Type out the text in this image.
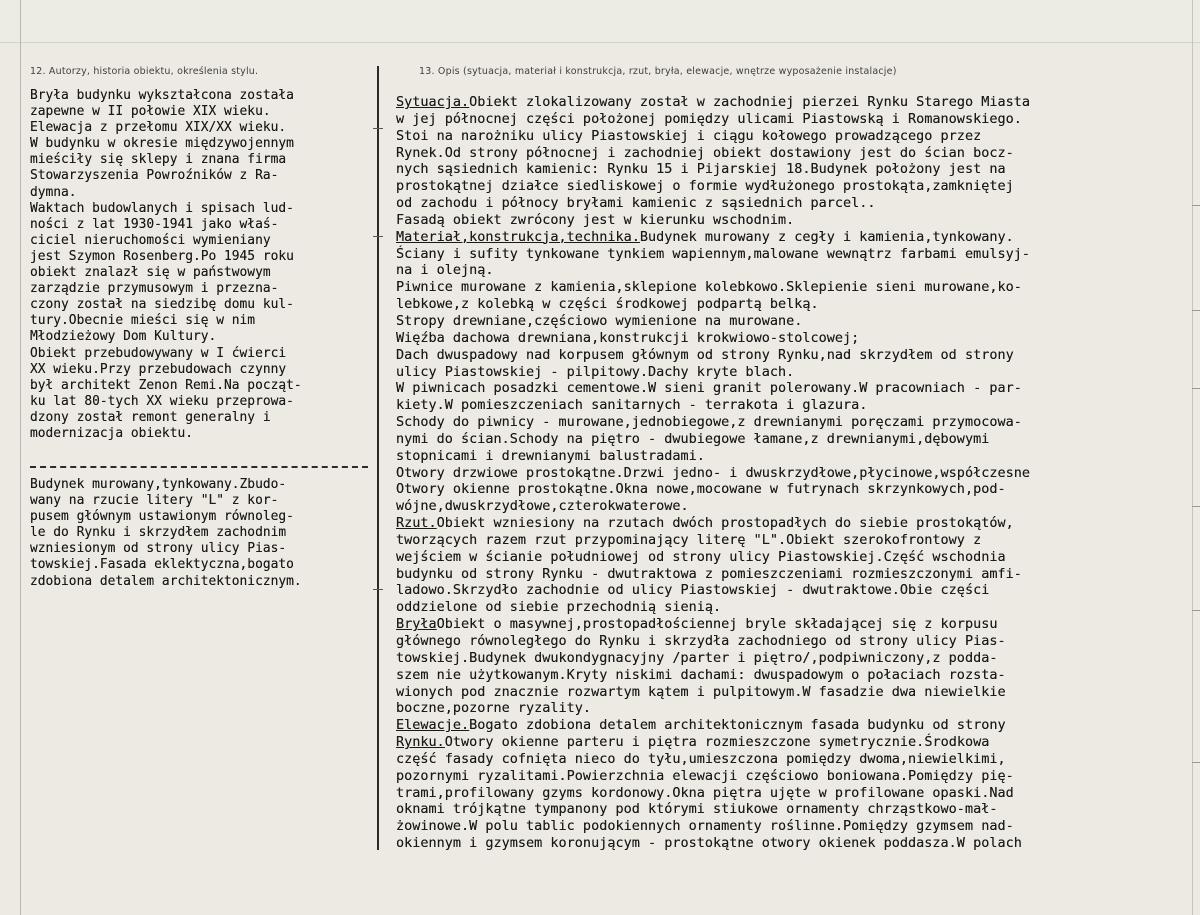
12. Autorzy, historia obiektu, określenia stylu.	13. Opis (sytuacja, materiał i konstrukcja, rzut, bryła, elewacje, wnętrze wyposażenie instalacje)
Bryła budynku wykształcona została
zapewne w II połowie XIX wieku.
Elewacja z przełomu XIX/XX wieku.
W budynku w okresie międzywojennym
mieściły się sklepy i znana firma
Stowarzyszenia Powroźników z Ra-
dymna.
Waktach budowlanych i spisach lud-
ności z lat 1930-1941 jako właś-
ciciel nieruchomości wymieniany
jest Szymon Rosenberg.Po 1945 roku
obiekt znalazł się w państwowym
zarządzie przymusowym i przezna-
czony został na siedzibę domu kul-
tury.Obecnie mieści się w nim
Młodzieżowy Dom Kultury.
Obiekt przebudowywany w I ćwierci
XX wieku.Przy przebudowach czynny
był architekt Zenon Remi.Na począt-
ku lat 80-tych XX wieku przeprowa-
dzony został remont generalny i
modernizacja obiektu.
Budynek murowany,tynkowany.Zbudo-
wany na rzucie litery "L" z kor-
pusem głównym ustawionym równoleg-
le do Rynku i skrzydłem zachodnim
wzniesionym od strony ulicy Pias-
towskiej.Fasada eklektyczna,bogato
zdobiona detalem architektonicznym.
Sytuacja.Obiekt zlokalizowany został w zachodniej pierzei Rynku Starego Miasta
w jej północnej części położonej pomiędzy ulicami Piastowską i Romanowskiego.
Stoi na narożniku ulicy Piastowskiej i ciągu kołowego prowadzącego przez
Rynek.Od strony północnej i zachodniej obiekt dostawiony jest do ścian bocz-
nych sąsiednich kamienic: Rynku 15 i Pijarskiej 18.Budynek położony jest na
prostokątnej działce siedliskowej o formie wydłużonego prostokąta,zamkniętej
od zachodu i północy bryłami kamienic z sąsiednich parcel..
Fasadą obiekt zwrócony jest w kierunku wschodnim.
Materiał,konstrukcja,technika.Budynek murowany z cegły i kamienia,tynkowany.
Ściany i sufity tynkowane tynkiem wapiennym,malowane wewnątrz farbami emulsyj-
na i olejną.
Piwnice murowane z kamienia,sklepione kolebkowo.Sklepienie sieni murowane,ko-
lebkowe,z kolebką w części środkowej podpartą belką.
Stropy drewniane,częściowo wymienione na murowane.
Więźba dachowa drewniana,konstrukcji krokwiowo-stolcowej;
Dach dwuspadowy nad korpusem głównym od strony Rynku,nad skrzydłem od strony
ulicy Piastowskiej - pilpitowy.Dachy kryte blach.
W piwnicach posadzki cementowe.W sieni granit polerowany.W pracowniach - par-
kiety.W pomieszczeniach sanitarnych - terrakota i glazura.
Schody do piwnicy - murowane,jednobiegowe,z drewnianymi poręczami przymocowa-
nymi do ścian.Schody na piętro - dwubiegowe łamane,z drewnianymi,dębowymi
stopnicami i drewnianymi balustradami.
Otwory drzwiowe prostokątne.Drzwi jedno- i dwuskrzydłowe,płycinowe,współczesne
Otwory okienne prostokątne.Okna nowe,mocowane w futrynach skrzynkowych,pod-
wójne,dwuskrzydłowe,czterokwaterowe.
Rzut.Obiekt wzniesiony na rzutach dwóch prostopadłych do siebie prostokątów,
tworzących razem rzut przypominający literę "L".Obiekt szerokofrontowy z
wejściem w ścianie południowej od strony ulicy Piastowskiej.Część wschodnia
budynku od strony Rynku - dwutraktowa z pomieszczeniami rozmieszczonymi amfi-
ladowo.Skrzydło zachodnie od ulicy Piastowskiej - dwutraktowe.Obie części
oddzielone od siebie przechodnią sienią.
BryłaObiekt o masywnej,prostopadłościennej bryle składającej się z korpusu
głównego równoległego do Rynku i skrzydła zachodniego od strony ulicy Pias-
towskiej.Budynek dwukondygnacyjny /parter i piętro/,podpiwniczony,z podda-
szem nie użytkowanym.Kryty niskimi dachami: dwuspadowym o połaciach rozsta-
wionych pod znacznie rozwartym kątem i pulpitowym.W fasadzie dwa niewielkie
boczne,pozorne ryzality.
Elewacje.Bogato zdobiona detalem architektonicznym fasada budynku od strony
Rynku.Otwory okienne parteru i piętra rozmieszczone symetrycznie.Środkowa
część fasady cofnięta nieco do tyłu,umieszczona pomiędzy dwoma,niewielkimi,
pozornymi ryzalitami.Powierzchnia elewacji częściowo boniowana.Pomiędzy pię-
trami,profilowany gzyms kordonowy.Okna piętra ujęte w profilowane opaski.Nad
oknami trójkątne tympanony pod którymi stiukowe ornamenty chrząstkowo-mał-
żowinowe.W polu tablic podokiennych ornamenty roślinne.Pomiędzy gzymsem nad-
okiennym i gzymsem koronującym - prostokątne otwory okienek poddasza.W polach
